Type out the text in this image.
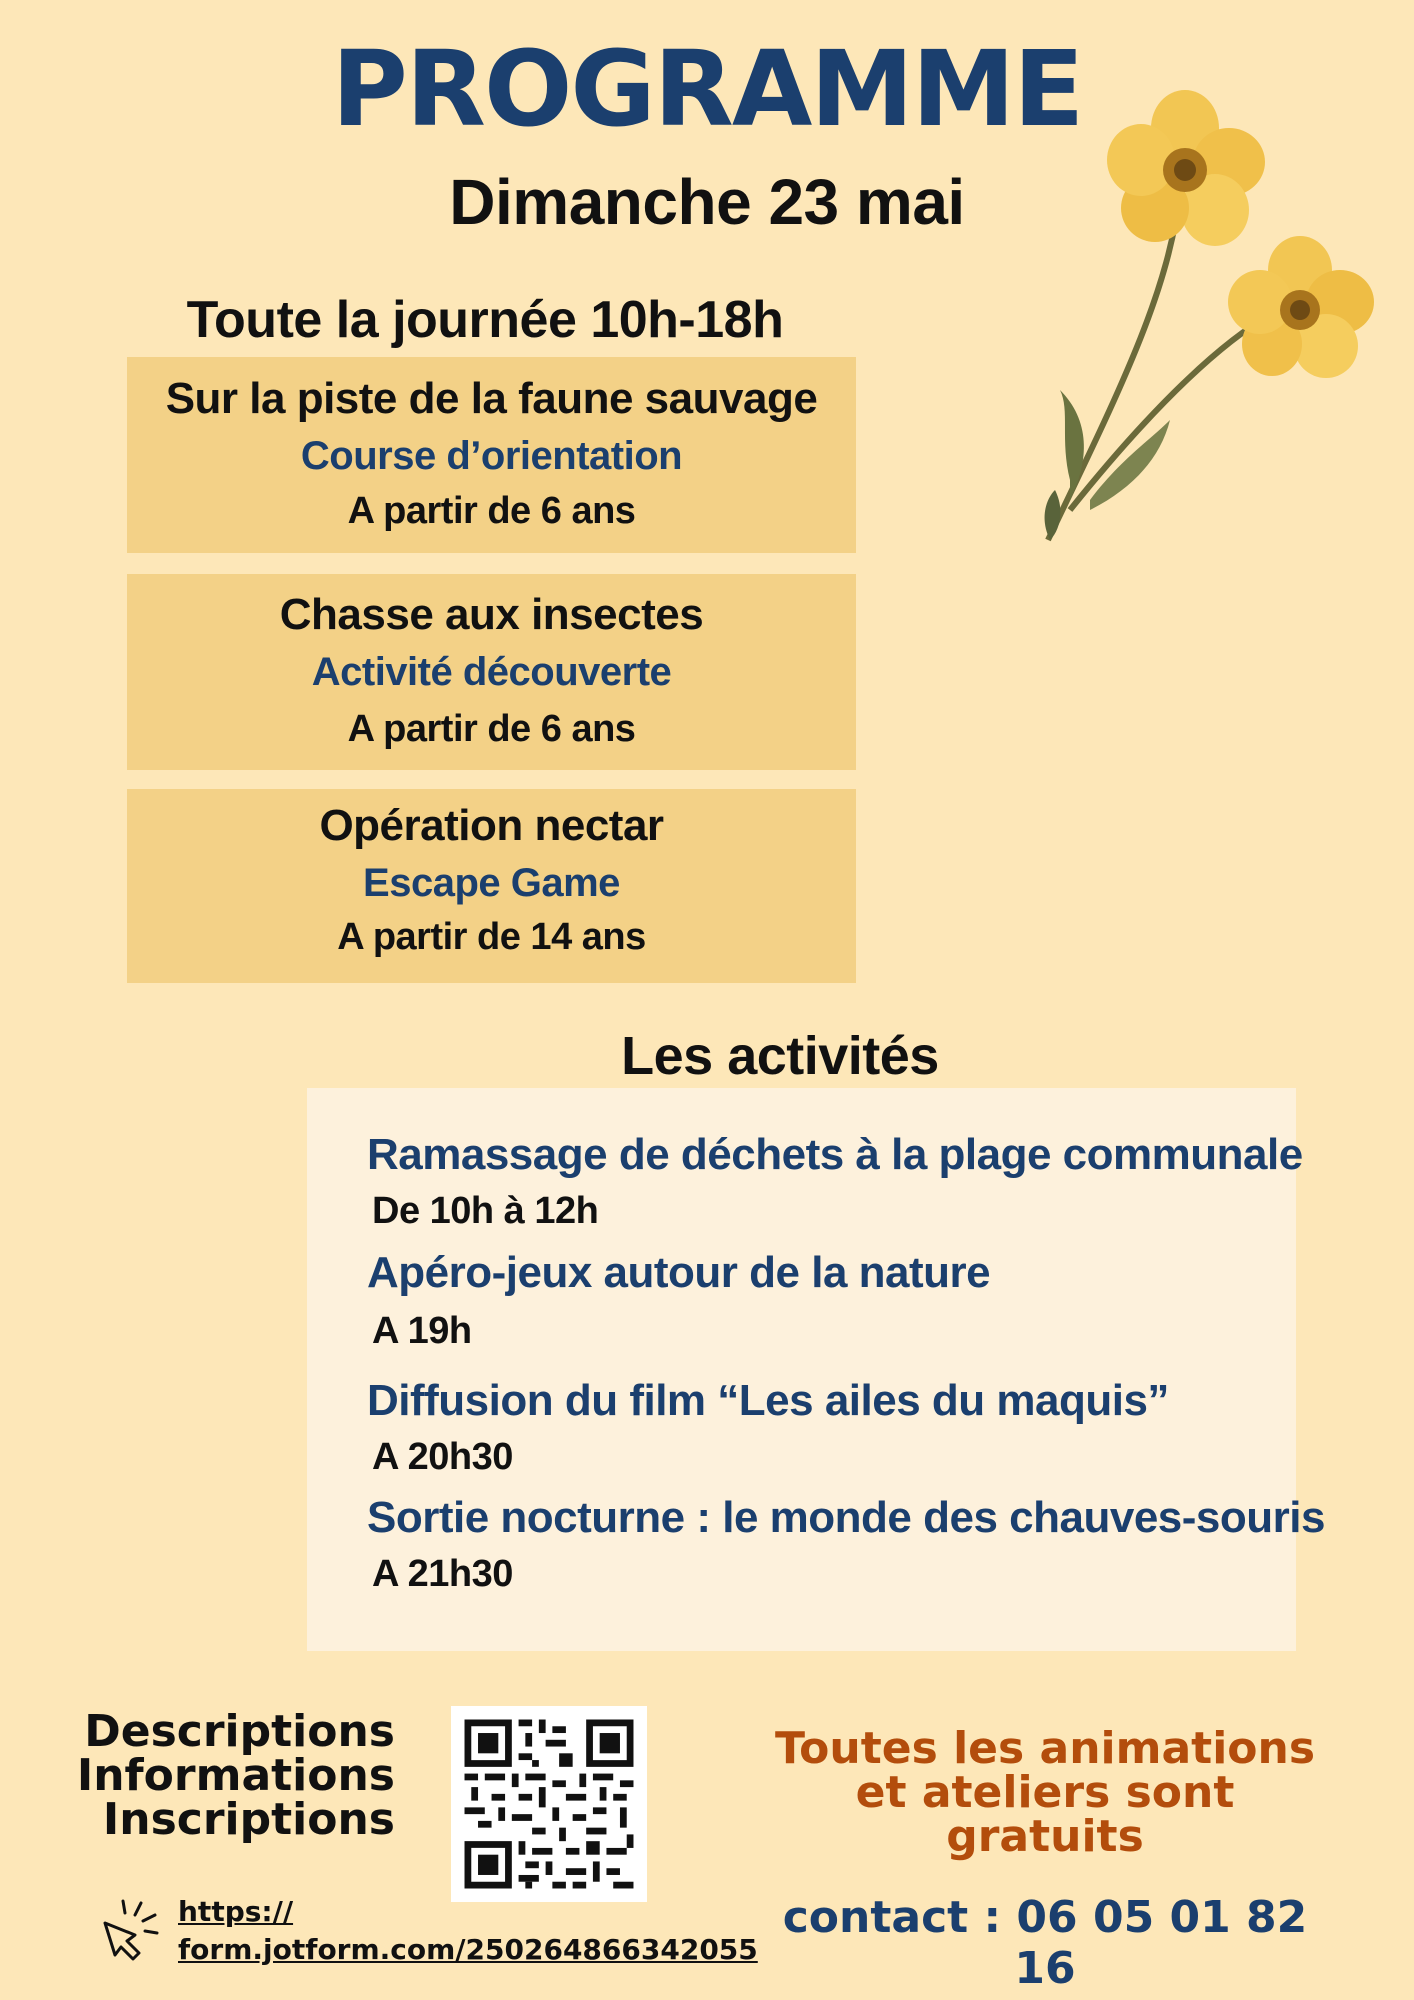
PROGRAMME
Dimanche 23 mai
Toute la journée 10h-18h
Sur la piste de la faune sauvage
Course d’orientation
A partir de 6 ans
Chasse aux insectes
Activité découverte
A partir de 6 ans
Opération nectar
Escape Game
A partir de 14 ans
Les activités
Ramassage de déchets à la plage communale
De 10h à 12h
Apéro-jeux autour de la nature
A 19h
Diffusion du film “Les ailes du maquis”
A 20h30
Sortie nocturne : le monde des chauves-souris
A 21h30
Descriptions
Informations
Inscriptions
https://
form.jotform.com/250264866342055
Toutes les animations
et ateliers sont
gratuits
contact : 06 05 01 82 16
